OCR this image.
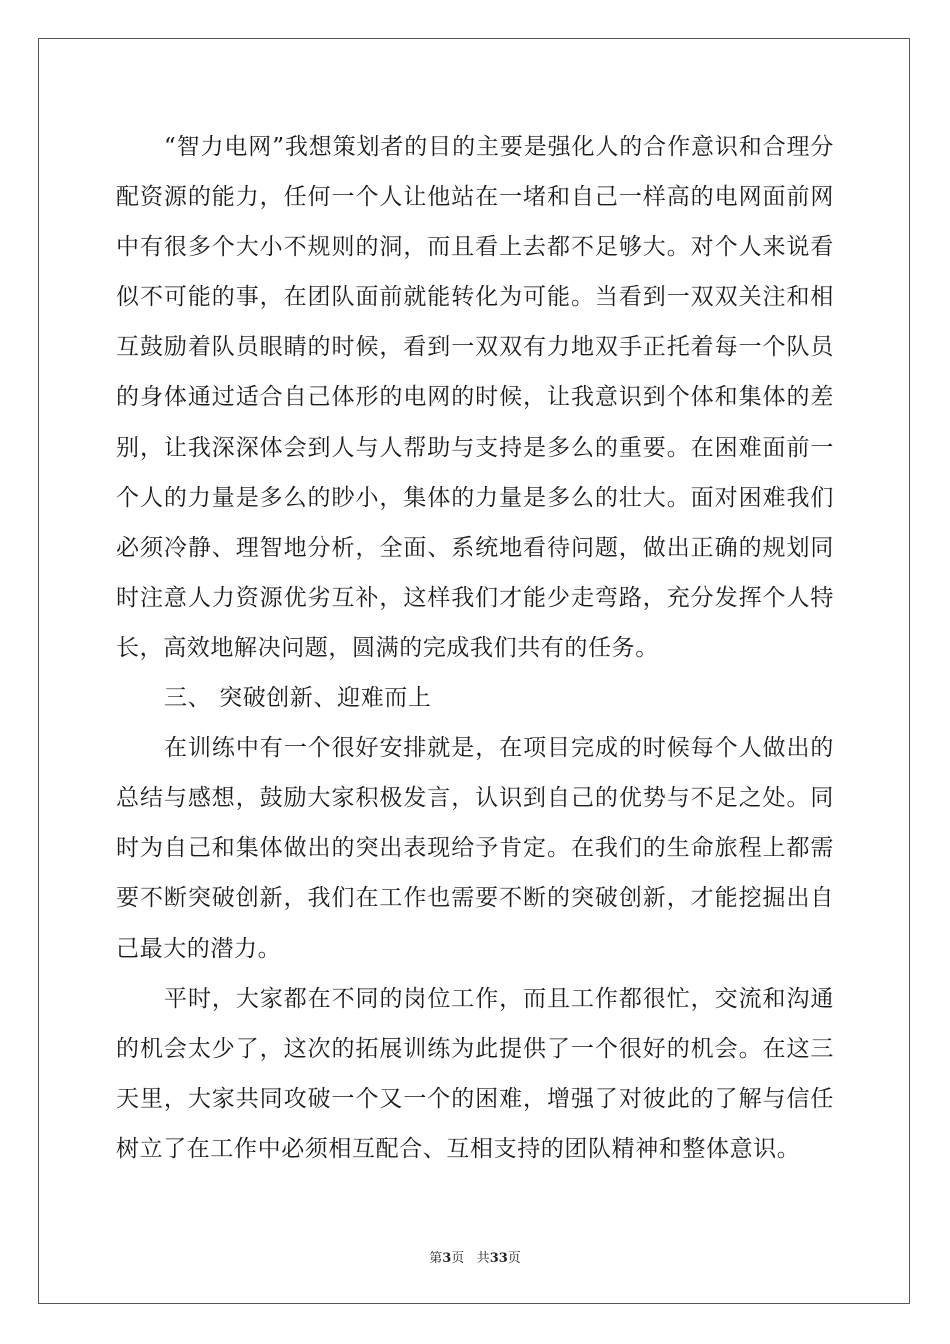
“智力电网”我想策划者的目的主要是强化人的合作意识和合理分配资源的能力，任何一个人让他站在一堵和自己一样高的电网面前网中有很多个大小不规则的洞，而且看上去都不足够大。对个人来说看似不可能的事，在团队面前就能转化为可能。当看到一双双关注和相互鼓励着队员眼睛的时候，看到一双双有力地双手正托着每一个队员的身体通过适合自己体形的电网的时候，让我意识到个体和集体的差别，让我深深体会到人与人帮助与支持是多么的重要。在困难面前一个人的力量是多么的眇小，集体的力量是多么的壮大。面对困难我们必须冷静、理智地分析，全面、系统地看待问题，做出正确的规划同时注意人力资源优劣互补，这样我们才能少走弯路，充分发挥个人特长，高效地解决问题，圆满的完成我们共有的任务。

三、 突破创新、迎难而上

在训练中有一个很好安排就是，在项目完成的时候每个人做出的总结与感想，鼓励大家积极发言，认识到自己的优势与不足之处。同时为自己和集体做出的突出表现给予肯定。在我们的生命旅程上都需要不断突破创新，我们在工作也需要不断的突破创新，才能挖掘出自己最大的潜力。

平时，大家都在不同的岗位工作，而且工作都很忙，交流和沟通的机会太少了，这次的拓展训练为此提供了一个很好的机会。在这三天里，大家共同攻破一个又一个的困难，增强了对彼此的了解与信任树立了在工作中必须相互配合、互相支持的团队精神和整体意识。

第3页 共33页
